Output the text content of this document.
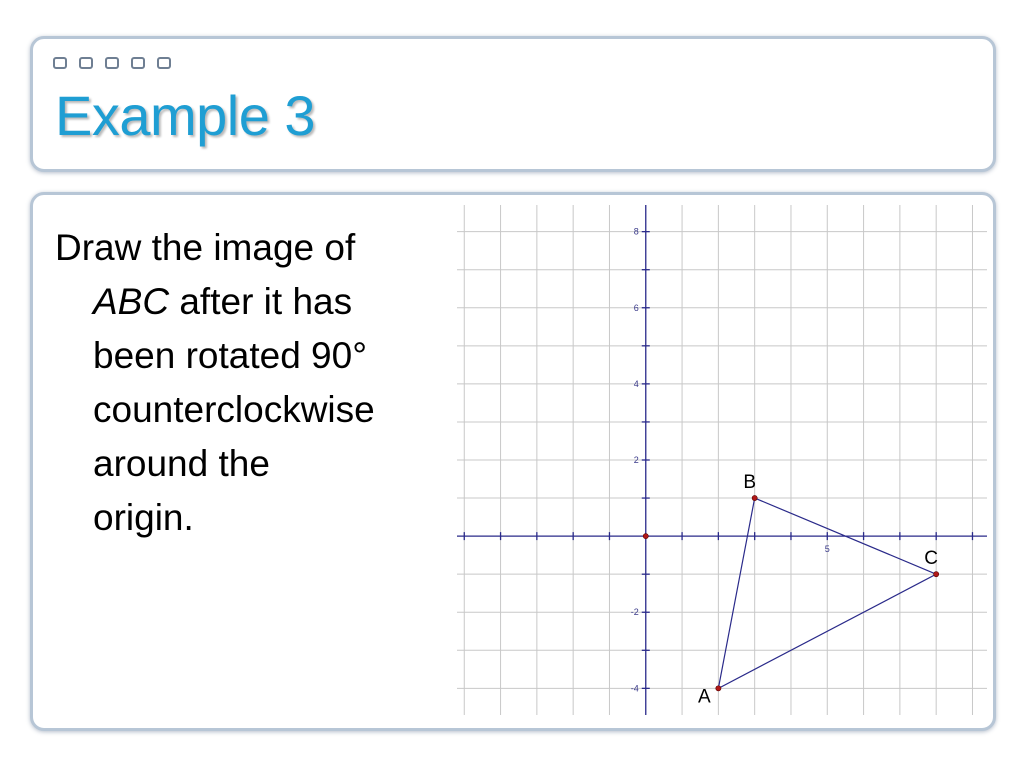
Example 3
Draw the image of
ABC after it has
been rotated 90°
counterclockwise
around the
origin.
5
8
6
4
2
-2
-4	A
B
C
